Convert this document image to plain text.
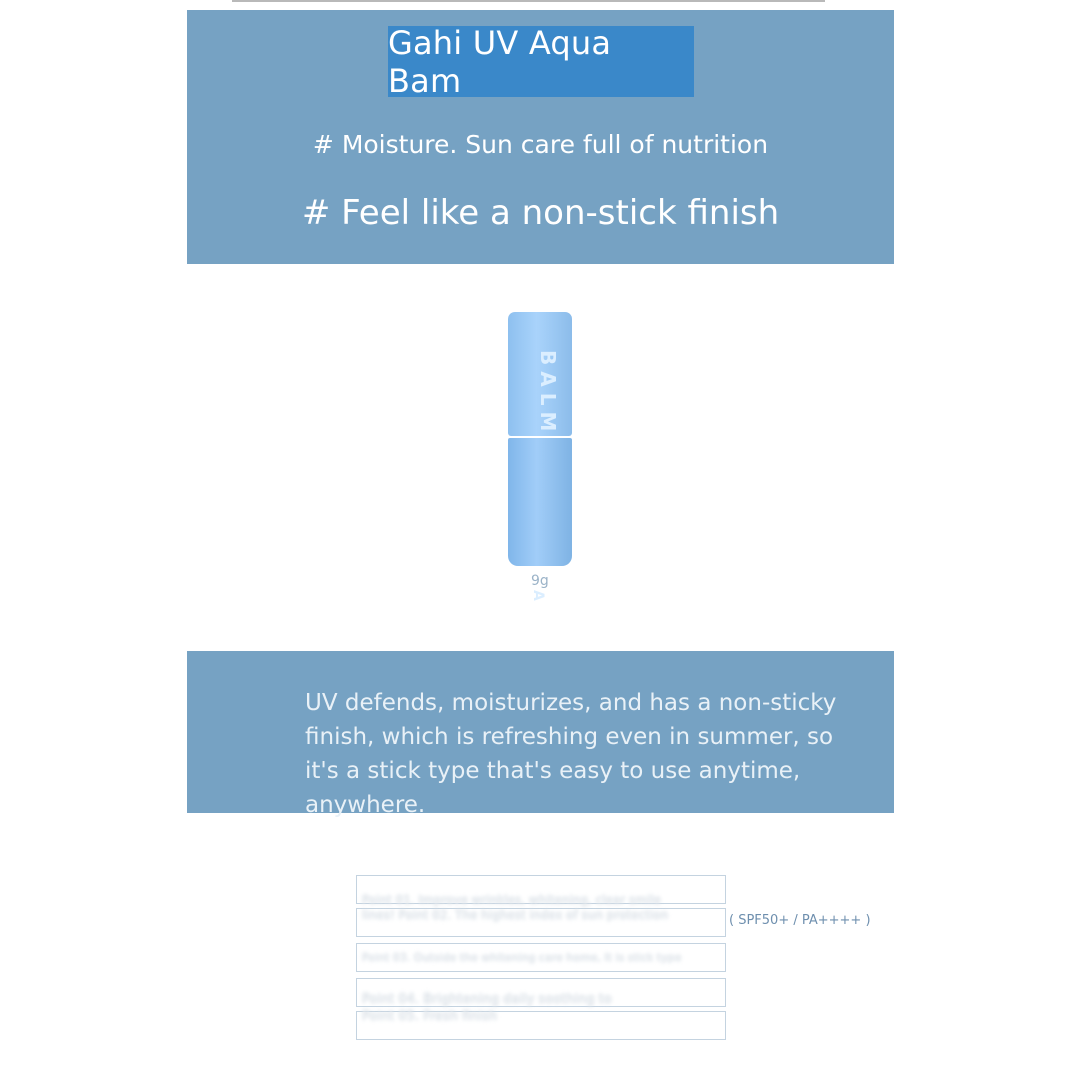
Gahi UV Aqua Bam
# Moisture. Sun care full of nutrition
# Feel like a non-stick finish
BALM
A
9g
UV defends, moisturizes, and has a non-sticky finish, which is refreshing even in summer, so it's a stick type that's easy to use anytime, anywhere.
Point 01. Improve wrinkles, whitening, clear smile
lines! Point 02. The highest index of sun protection
Point 03. Outside the whitening care home, It is stick type
Point 04. Brightening daily soothing to
Point 05. Fresh finish
( SPF50+ / PA++++ )
